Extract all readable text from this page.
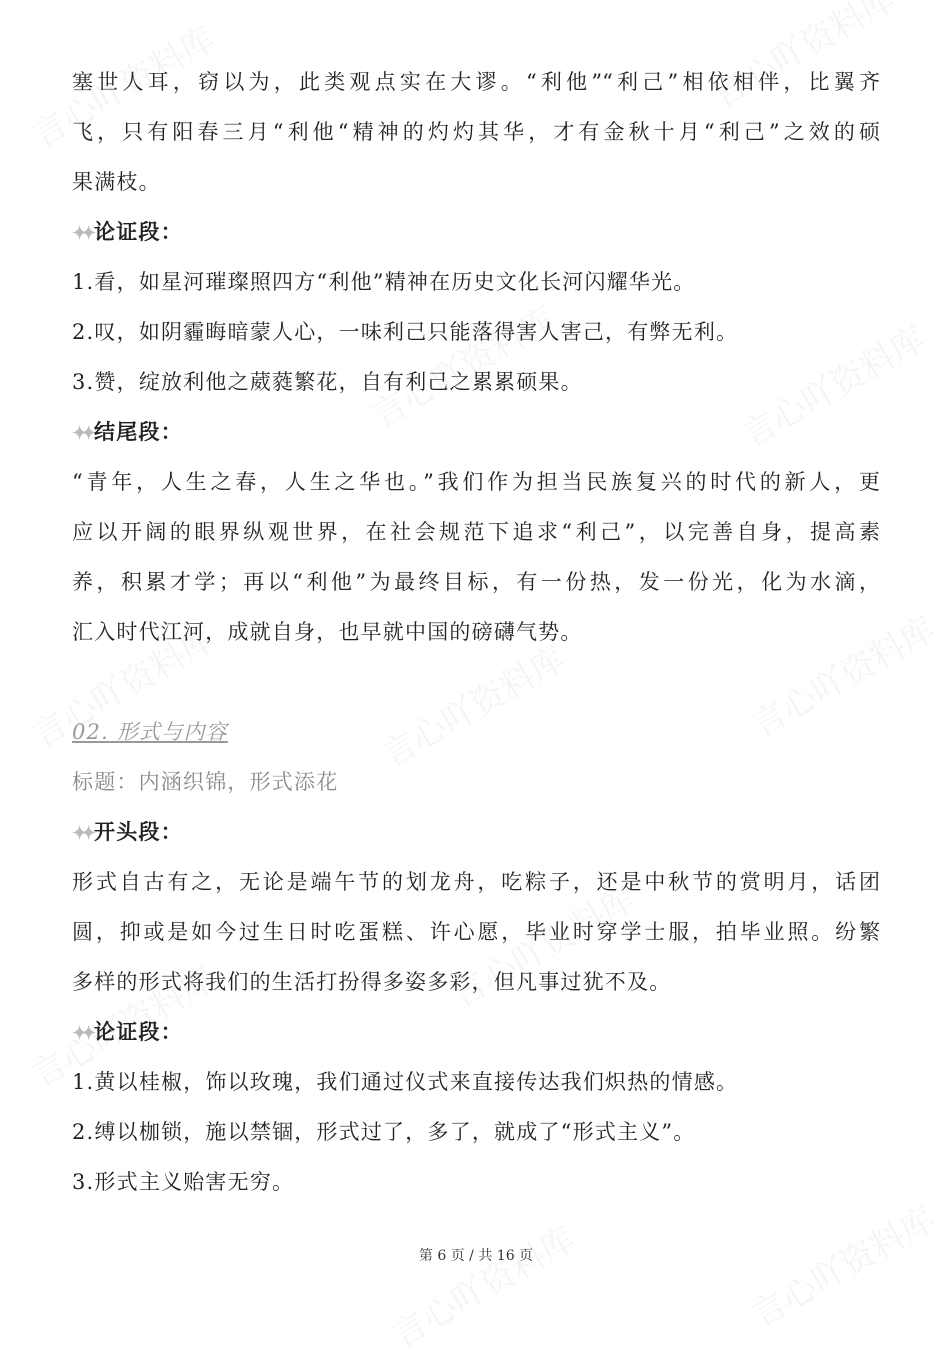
塞世人耳，窃以为，此类观点实在大谬。“利他”“利己”相依相伴，比翼齐
飞，只有阳春三月“利他“精神的灼灼其华，才有金秋十月“利己”之效的硕
果满枝。
✦✦ 论证段：
1.看，如星河璀璨照四方“利他”精神在历史文化长河闪耀华光。
2.叹，如阴霾晦暗蒙人心，一味利己只能落得害人害己，有弊无利。
3.赞，绽放利他之葳蕤繁花，自有利己之累累硕果。
✦✦ 结尾段：
“青年，人生之春，人生之华也。”我们作为担当民族复兴的时代的新人，更
应以开阔的眼界纵观世界，在社会规范下追求“利己”，以完善自身，提高素
养，积累才学；再以“利他”为最终目标，有一份热，发一份光，化为水滴，
汇入时代江河，成就自身，也早就中国的磅礴气势。
02. 形式与内容
标题：内涵织锦，形式添花
✦✦ 开头段：
形式自古有之，无论是端午节的划龙舟，吃粽子，还是中秋节的赏明月，话团
圆，抑或是如今过生日时吃蛋糕、许心愿，毕业时穿学士服，拍毕业照。纷繁
多样的形式将我们的生活打扮得多姿多彩，但凡事过犹不及。
✦✦ 论证段：
1.黄以桂椒，饰以玫瑰，我们通过仪式来直接传达我们炽热的情感。
2.缚以枷锁，施以禁锢，形式过了，多了，就成了“形式主义”。
3.形式主义贻害无穷。
第 6 页 / 共 16 页
